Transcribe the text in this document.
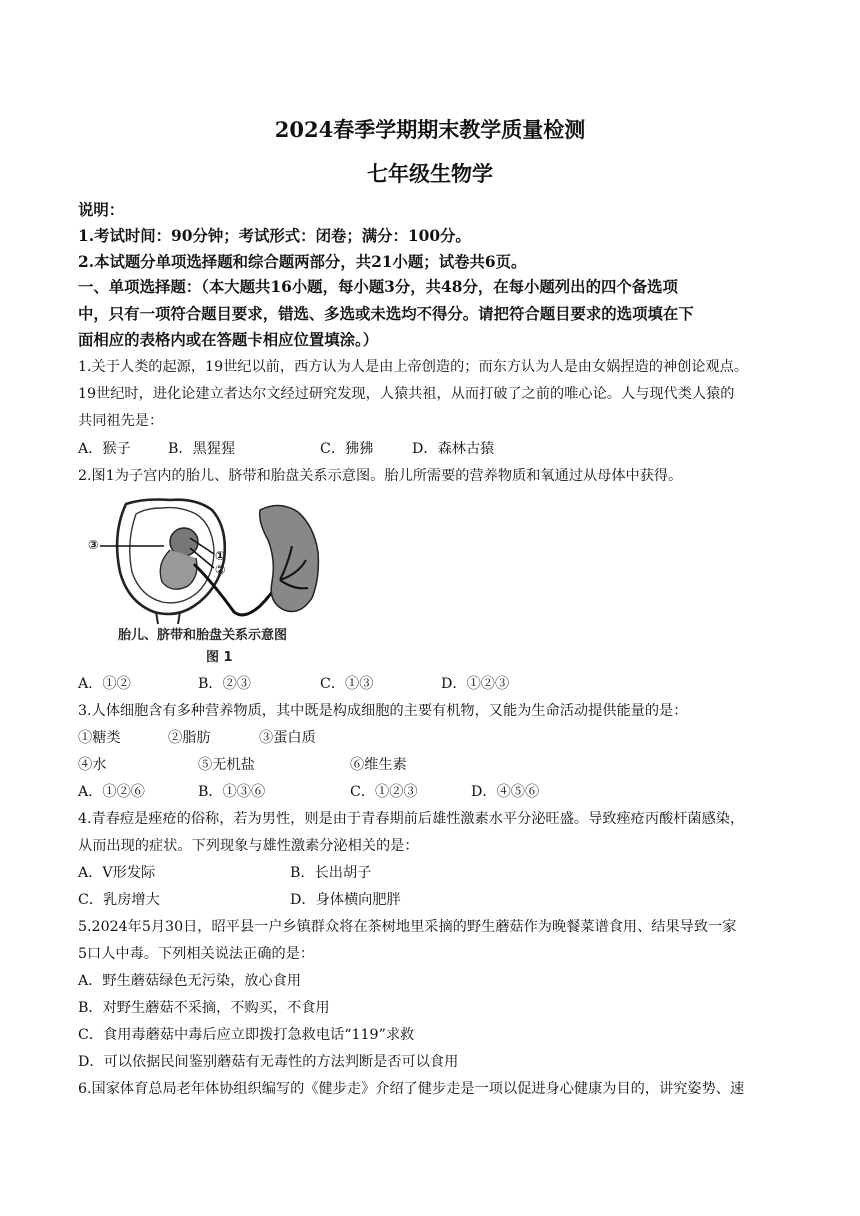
2024春季学期期末教学质量检测
七年级生物学
说明：
1.考试时间：90分钟；考试形式：闭卷；满分：100分。
2.本试题分单项选择题和综合题两部分，共21小题；试卷共6页。
一、单项选择题：（本大题共16小题，每小题3分，共48分，在每小题列出的四个备选项
中，只有一项符合题目要求，错选、多选或未选均不得分。请把符合题目要求的选项填在下
面相应的表格内或在答题卡相应位置填涂。）
1.关于人类的起源，19世纪以前，西方认为人是由上帝创造的；而东方认为人是由女娲捏造的神创论观点。
19世纪时，进化论建立者达尔文经过研究发现，人猿共祖，从而打破了之前的唯心论。人与现代类人猿的
共同祖先是：
A．猴子	B．黑猩猩	C．狒狒	D．森林古猿
2.图1为子宫内的胎儿、脐带和胎盘关系示意图。胎儿所需要的营养物质和氧通过从母体中获得。
③
①
②
胎儿、脐带和胎盘关系示意图
图 1
A．①②	B．②③	C．①③	D．①②③
3.人体细胞含有多种营养物质，其中既是构成细胞的主要有机物，又能为生命活动提供能量的是：
①糖类	②脂肪	③蛋白质
④水	⑤无机盐	⑥维生素
A．①②⑥	B．①③⑥	C．①②③	D．④⑤⑥
4.青春痘是痤疮的俗称，若为男性，则是由于青春期前后雄性激素水平分泌旺盛。导致痤疮丙酸杆菌感染，
从而出现的症状。下列现象与雄性激素分泌相关的是：
A．V形发际	B．长出胡子
C．乳房增大	D．身体横向肥胖
5.2024年5月30日，昭平县一户乡镇群众将在茶树地里采摘的野生蘑菇作为晚餐菜谱食用、结果导致一家
5口人中毒。下列相关说法正确的是：
A．野生蘑菇绿色无污染，放心食用
B．对野生蘑菇不采摘，不购买，不食用
C．食用毒蘑菇中毒后应立即拨打急救电话“119”求救
D．可以依据民间鉴别蘑菇有无毒性的方法判断是否可以食用
6.国家体育总局老年体协组织编写的《健步走》介绍了健步走是一项以促进身心健康为目的，讲究姿势、速
